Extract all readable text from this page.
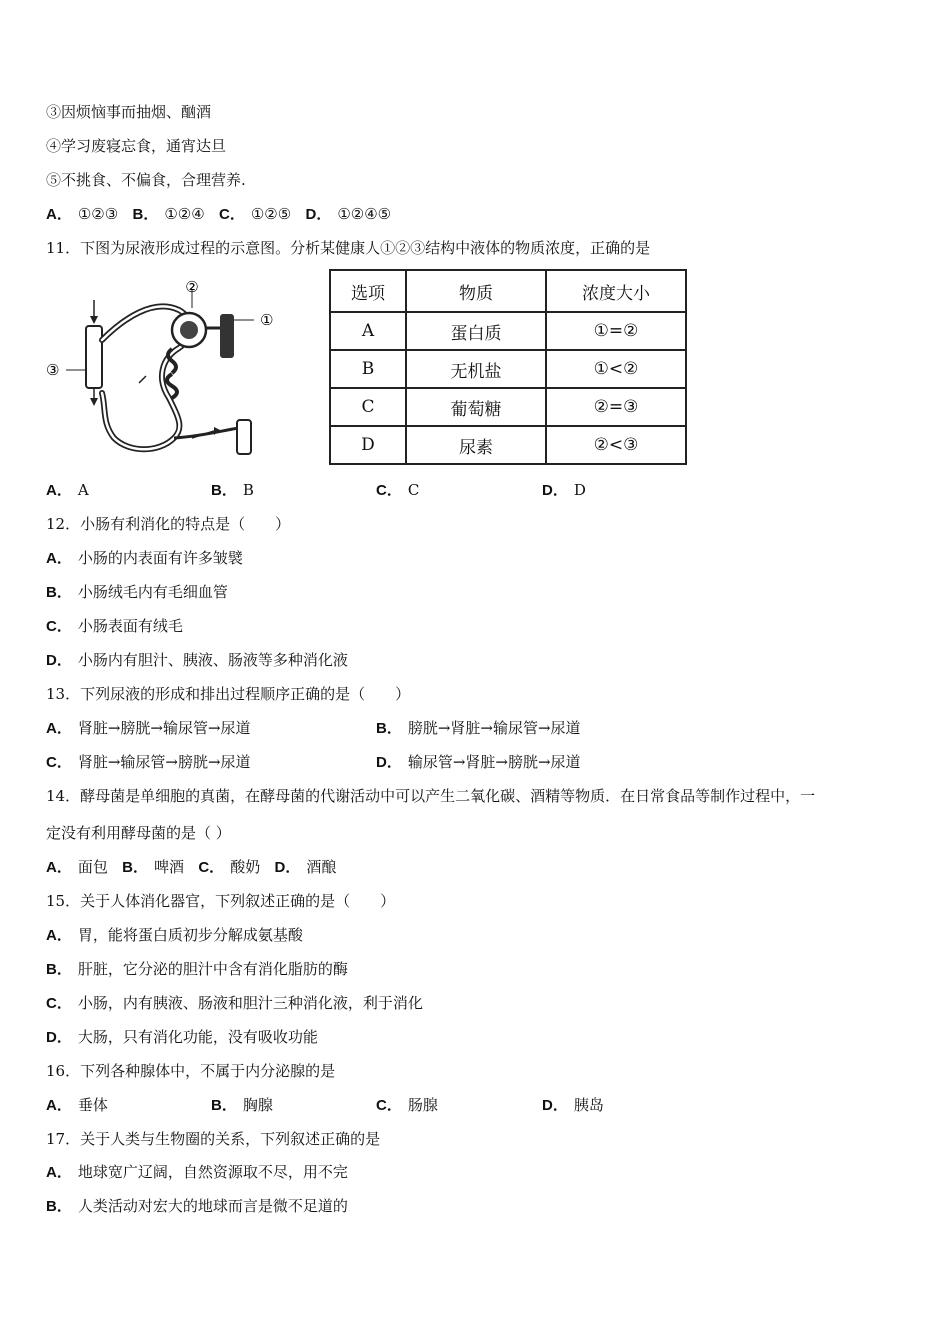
③因烦恼事而抽烟、酗酒
④学习废寝忘食，通宵达旦
⑤不挑食、不偏食，合理营养.
A． ①②③ B． ①②④ C． ①②⑤ D． ①②④⑤
11．下图为尿液形成过程的示意图。分析某健康人①②③结构中液体的物质浓度，正确的是
②
①
③
选项	物质	浓度大小
A	蛋白质	①=②
B	无机盐	①<②
C	葡萄糖	②=③
D	尿素	②<③
A． A	B． B	C． C	D． D
12．小肠有利消化的特点是（　　）
A． 小肠的内表面有许多皱襞
B． 小肠绒毛内有毛细血管
C． 小肠表面有绒毛
D． 小肠内有胆汁、胰液、肠液等多种消化液
13．下列尿液的形成和排出过程顺序正确的是（　　）
A． 肾脏→膀胱→输尿管→尿道	B． 膀胱→肾脏→输尿管→尿道
C． 肾脏→输尿管→膀胱→尿道	D． 输尿管→肾脏→膀胱→尿道
14．酵母菌是单细胞的真菌，在酵母菌的代谢活动中可以产生二氧化碳、酒精等物质．在日常食品等制作过程中，一
定没有利用酵母菌的是（ ）
A． 面包 B． 啤酒 C． 酸奶 D． 酒酿
15．关于人体消化器官，下列叙述正确的是（　　）
A． 胃，能将蛋白质初步分解成氨基酸
B． 肝脏，它分泌的胆汁中含有消化脂肪的酶
C． 小肠，内有胰液、肠液和胆汁三种消化液，利于消化
D． 大肠，只有消化功能，没有吸收功能
16．下列各种腺体中，不属于内分泌腺的是
A． 垂体	B． 胸腺	C． 肠腺	D． 胰岛
17．关于人类与生物圈的关系，下列叙述正确的是
A． 地球宽广辽阔，自然资源取不尽，用不完
B． 人类活动对宏大的地球而言是微不足道的
